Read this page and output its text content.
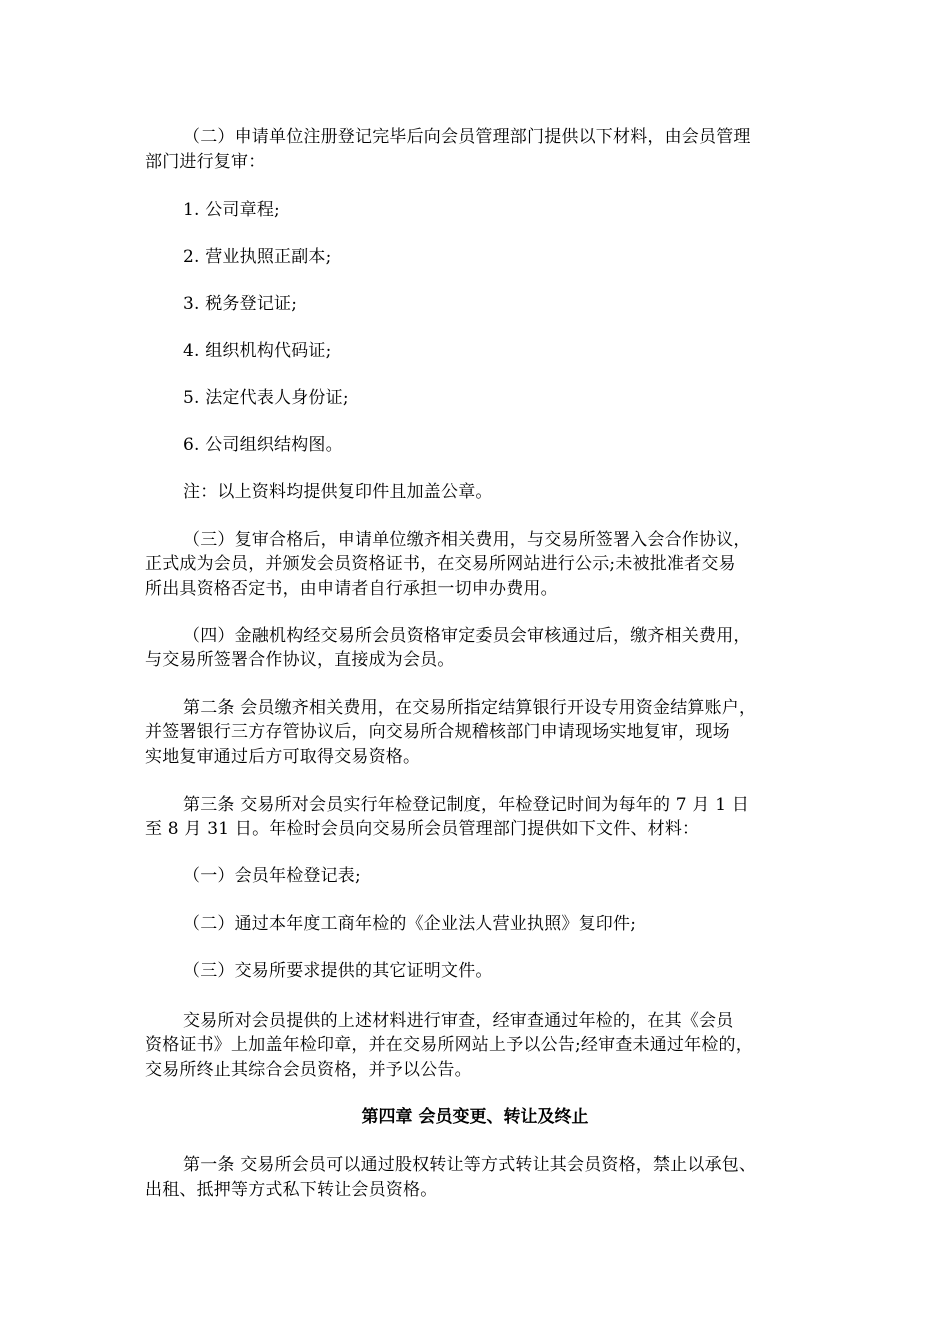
（二）申请单位注册登记完毕后向会员管理部门提供以下材料，由会员管理
部门进行复审：
1. 公司章程;
2. 营业执照正副本;
3. 税务登记证;
4. 组织机构代码证;
5. 法定代表人身份证;
6. 公司组织结构图。
注：以上资料均提供复印件且加盖公章。
（三）复审合格后，申请单位缴齐相关费用，与交易所签署入会合作协议，
正式成为会员，并颁发会员资格证书，在交易所网站进行公示;未被批准者交易
所出具资格否定书，由申请者自行承担一切申办费用。
（四）金融机构经交易所会员资格审定委员会审核通过后，缴齐相关费用，
与交易所签署合作协议，直接成为会员。
第二条 会员缴齐相关费用，在交易所指定结算银行开设专用资金结算账户，
并签署银行三方存管协议后，向交易所合规稽核部门申请现场实地复审，现场
实地复审通过后方可取得交易资格。
第三条 交易所对会员实行年检登记制度，年检登记时间为每年的 7 月 1 日
至 8 月 31 日。年检时会员向交易所会员管理部门提供如下文件、材料：
（一）会员年检登记表;
（二）通过本年度工商年检的《企业法人营业执照》复印件;
（三）交易所要求提供的其它证明文件。
交易所对会员提供的上述材料进行审查，经审查通过年检的，在其《会员
资格证书》上加盖年检印章，并在交易所网站上予以公告;经审查未通过年检的，
交易所终止其综合会员资格，并予以公告。
第四章 会员变更、转让及终止
第一条 交易所会员可以通过股权转让等方式转让其会员资格，禁止以承包、
出租、抵押等方式私下转让会员资格。
